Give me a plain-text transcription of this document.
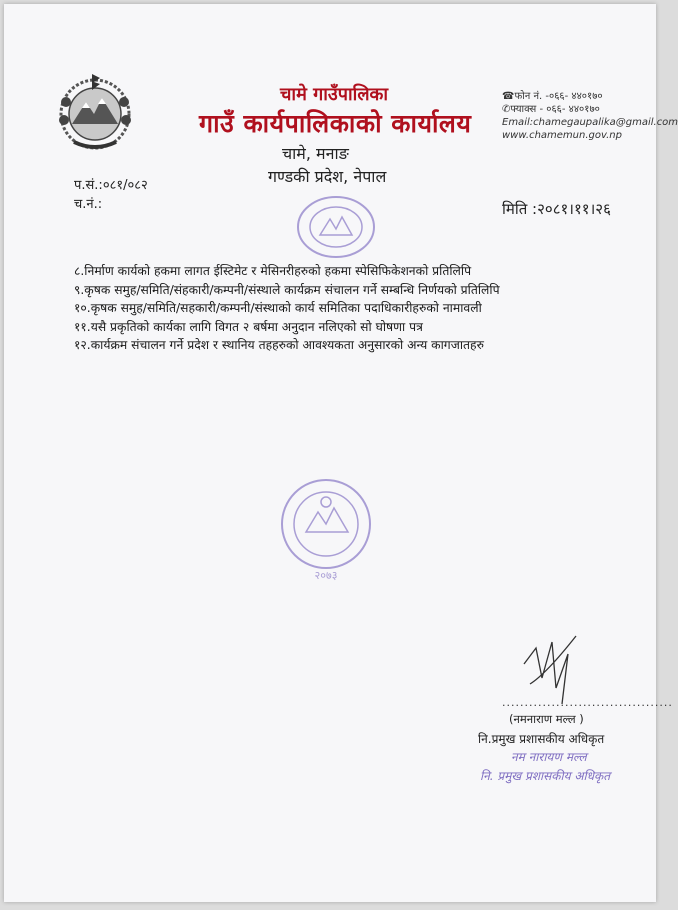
चामे गाउँपालिका
गाउँ कार्यपालिकाको कार्यालय
चामे, मनाङ
गण्डकी प्रदेश, नेपाल
☎फोन नं. -०६६- ४४०१७०
✆फ्याक्स - ०६६- ४४०१७०
Email:chamegaupalika@gmail.com
www.chamemun.gov.np
प.सं.:०८१/०८२
च.नं.:	मिति :२०८१।११।२६
८.निर्माण कार्यको हकमा लागत ईस्टिमेट र मेसिनरीहरुको हकमा स्पेसिफिकेशनको प्रतिलिपि
९.कृषक समुह/समिति/संहकारी/कम्पनी/संस्थाले कार्यक्रम संचालन गर्ने सम्बन्धि निर्णयको प्रतिलिपि
१०.कृषक समुह/समिति/सहकारी/कम्पनी/संस्थाको कार्य समितिका पदाधिकारीहरुको नामावली
११.यसै प्रकृतिको कार्यका लागि विगत २ बर्षमा अनुदान नलिएको सो घोषणा पत्र
१२.कार्यक्रम संचालन गर्ने प्रदेश र स्थानिय तहहरुको आवश्यकता अनुसारको अन्य कागजातहरु
२०७३
......................................
(नमनाराण मल्ल )
नि.प्रमुख प्रशासकीय अधिकृत
नम नारायण मल्ल
नि. प्रमुख प्रशासकीय अधिकृत
